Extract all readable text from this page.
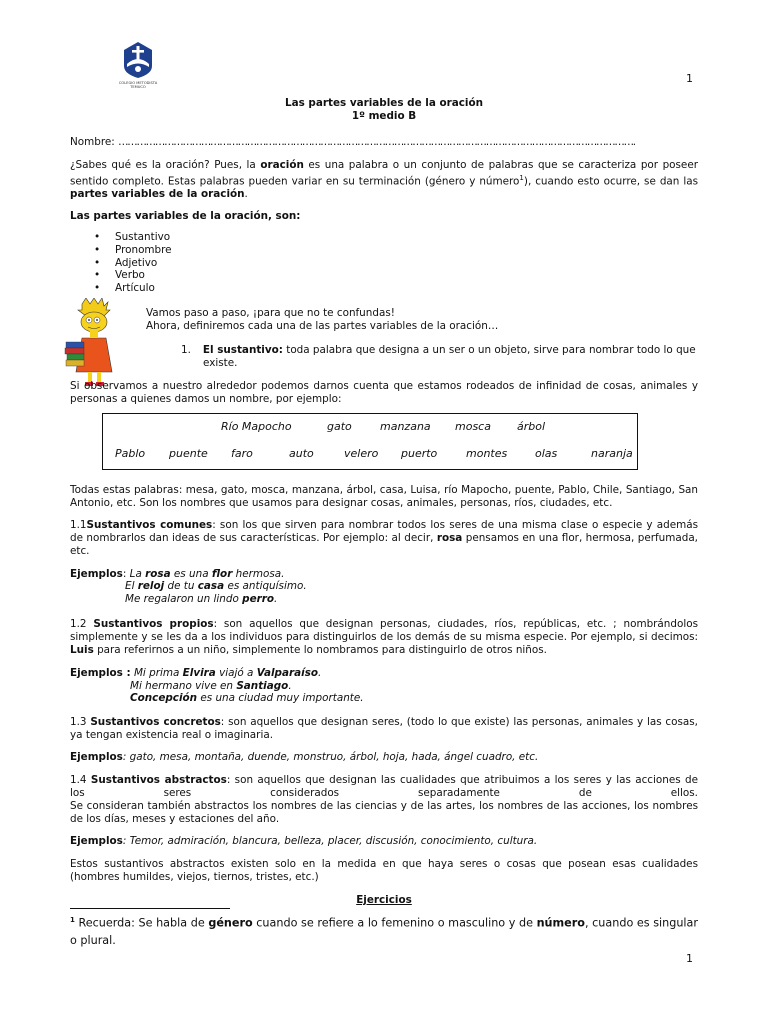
COLEGIO METODISTA
TEMUCO
1
Las partes variables de la oración
1º medio B
Nombre: …………………………………………………………………………………………………………………………………………………….
¿Sabes qué es la oración? Pues, la oración es una palabra o un conjunto de palabras que se caracteriza por poseer sentido completo. Estas palabras pueden variar en su terminación (género y número$^1$), cuando esto ocurre, se dan las partes variables de la oración.
Las partes variables de la oración, son:
• Sustantivo
• Pronombre
• Adjetivo
• Verbo
• Artículo
Vamos paso a paso, ¡para que no te confundas!
Ahora, definiremos cada una de las partes variables de la oración…
1. El sustantivo: toda palabra que designa a un ser o un objeto, sirve para nombrar todo lo que
existe.
Si observamos a nuestro alrededor podemos darnos cuenta que estamos rodeados de infinidad de cosas, animales y personas a quienes damos un nombre, por ejemplo:
Río Mapocho	gato	manzana mosca árbol
Pablo puente faro	auto	velero puerto	montes	olas	naranja
Todas estas palabras: mesa, gato, mosca, manzana, árbol, casa, Luisa, río Mapocho, puente, Pablo, Chile, Santiago, San Antonio, etc. Son los nombres que usamos para designar cosas, animales, personas, ríos, ciudades, etc.
1.1Sustantivos comunes: son los que sirven para nombrar todos los seres de una misma clase o especie y además de nombrarlos dan ideas de sus características. Por ejemplo: al decir, rosa pensamos en una flor, hermosa, perfumada, etc.
Ejemplos: La rosa es una flor hermosa.
El reloj de tu casa es antiquísimo.
Me regalaron un lindo perro.
1.2 Sustantivos propios: son aquellos que designan personas, ciudades, ríos, repúblicas, etc. ; nombrándolos simplemente y se les da a los individuos para distinguirlos de los demás de su misma especie. Por ejemplo, si decimos: Luis para referirnos a un niño, simplemente lo nombramos para distinguirlo de otros niños.
Ejemplos : Mi prima Elvira viajó a Valparaíso.
Mi hermano vive en Santiago.
Concepción es una ciudad muy importante.
1.3 Sustantivos concretos: son aquellos que designan seres, (todo lo que existe) las personas, animales y las cosas, ya tengan existencia real o imaginaria.
Ejemplos: gato, mesa, montaña, duende, monstruo, árbol, hoja, hada, ángel cuadro, etc.
1.4 Sustantivos abstractos: son aquellos que designan las cualidades que atribuimos a los seres y las acciones de los seres considerados separadamente de ellos.
Se consideran también abstractos los nombres de las ciencias y de las artes, los nombres de las acciones, los nombres de los días, meses y estaciones del año.
Ejemplos: Temor, admiración, blancura, belleza, placer, discusión, conocimiento, cultura.
Estos sustantivos abstractos existen solo en la medida en que haya seres o cosas que posean esas cualidades (hombres humildes, viejos, tiernos, tristes, etc.)
Ejercicios
$^1$ Recuerda: Se habla de género cuando se refiere a lo femenino o masculino y de número, cuando es singular o plural.
1
